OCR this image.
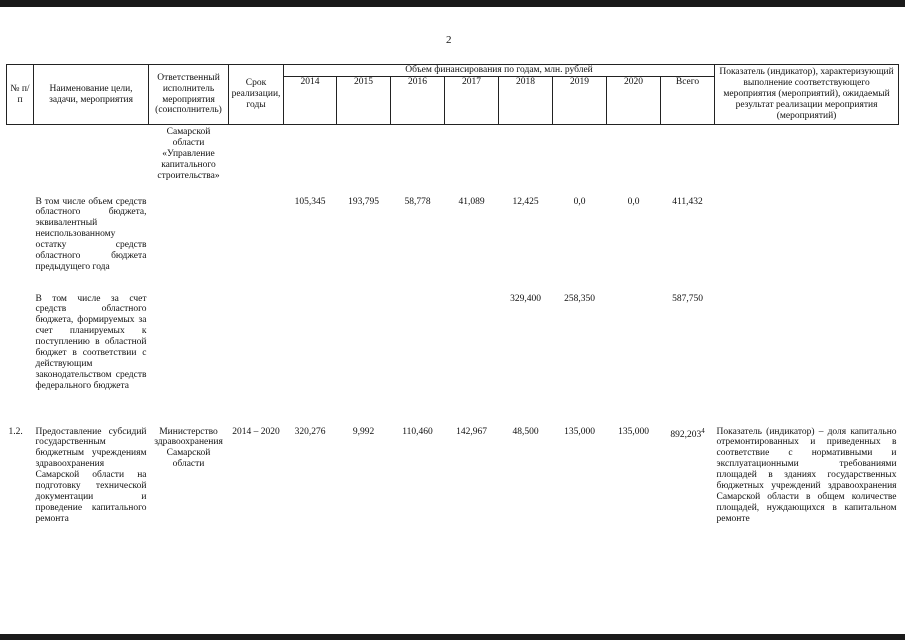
2
№ п/п	Наименование цели, задачи, мероприятия	Ответственный исполнитель мероприятия (соисполнитель)	Срок реализации, годы	Объем финансирования по годам, млн. рублей								Показатель (индикатор), характеризующий выполнение соответствующего мероприятия (мероприятий), ожидаемый результат реализации мероприятия (мероприятий)
				2014	2015	2016	2017	2018	2019	2020	Всего	
		Самарской области «Управление капитального строительства»										
	В том числе объем средств областного бюджета, эквивалентный неиспользованному остатку средств областного бюджета предыдущего года			105,345	193,795	58,778	41,089	12,425	0,0	0,0	411,432	
	В том числе за счет средств областного бюджета, формируемых за счет планируемых к поступлению в областной бюджет в соответствии с действующим законодательством средств федерального бюджета							329,400	258,350		587,750	
1.2.	Предоставление субсидий государственным бюджетным учреждениям здравоохранения Самарской области на подготовку технической документации и проведение капитального ремонта	Министерство здравоохранения Самарской области	2014 – 2020	320,276	9,992	110,460	142,967	48,500	135,000	135,000	892,203$^4$	Показатель (индикатор) – доля капитально отремонтированных и приведенных в соответствие с нормативными и эксплуатационными требованиями площадей в зданиях государственных бюджетных учреждений здравоохранения Самарской области в общем количестве площадей, нуждающихся в капитальном ремонте
